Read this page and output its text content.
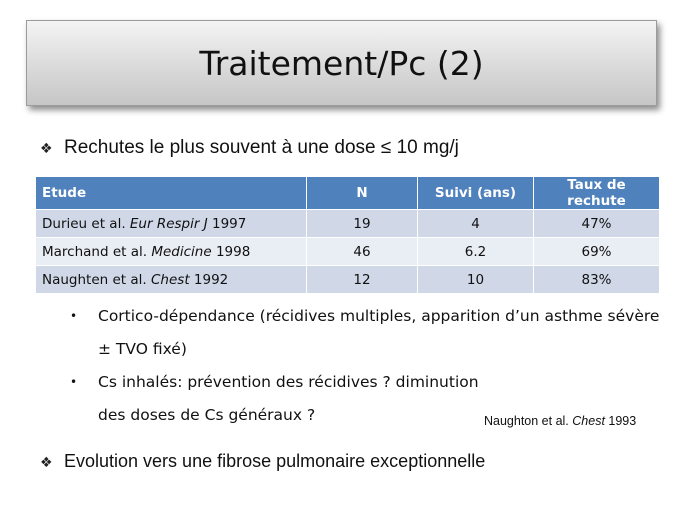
Traitement/Pc (2)
❖ Rechutes le plus souvent à une dose ≤ 10 mg/j
Etude	N	Suivi (ans)	Taux de rechute
Durieu et al. Eur Respir J 1997	19	4	47%
Marchand et al. Medicine 1998	46	6.2	69%
Naughten et al. Chest 1992	12	10	83%
•	Cortico-dépendance (récidives multiples, apparition d’un asthme sévère ± TVO fixé)
•	Cs inhalés: prévention des récidives ? diminution des doses de Cs généraux ?	Naughton et al. Chest 1993
❖ Evolution vers une fibrose pulmonaire exceptionnelle
